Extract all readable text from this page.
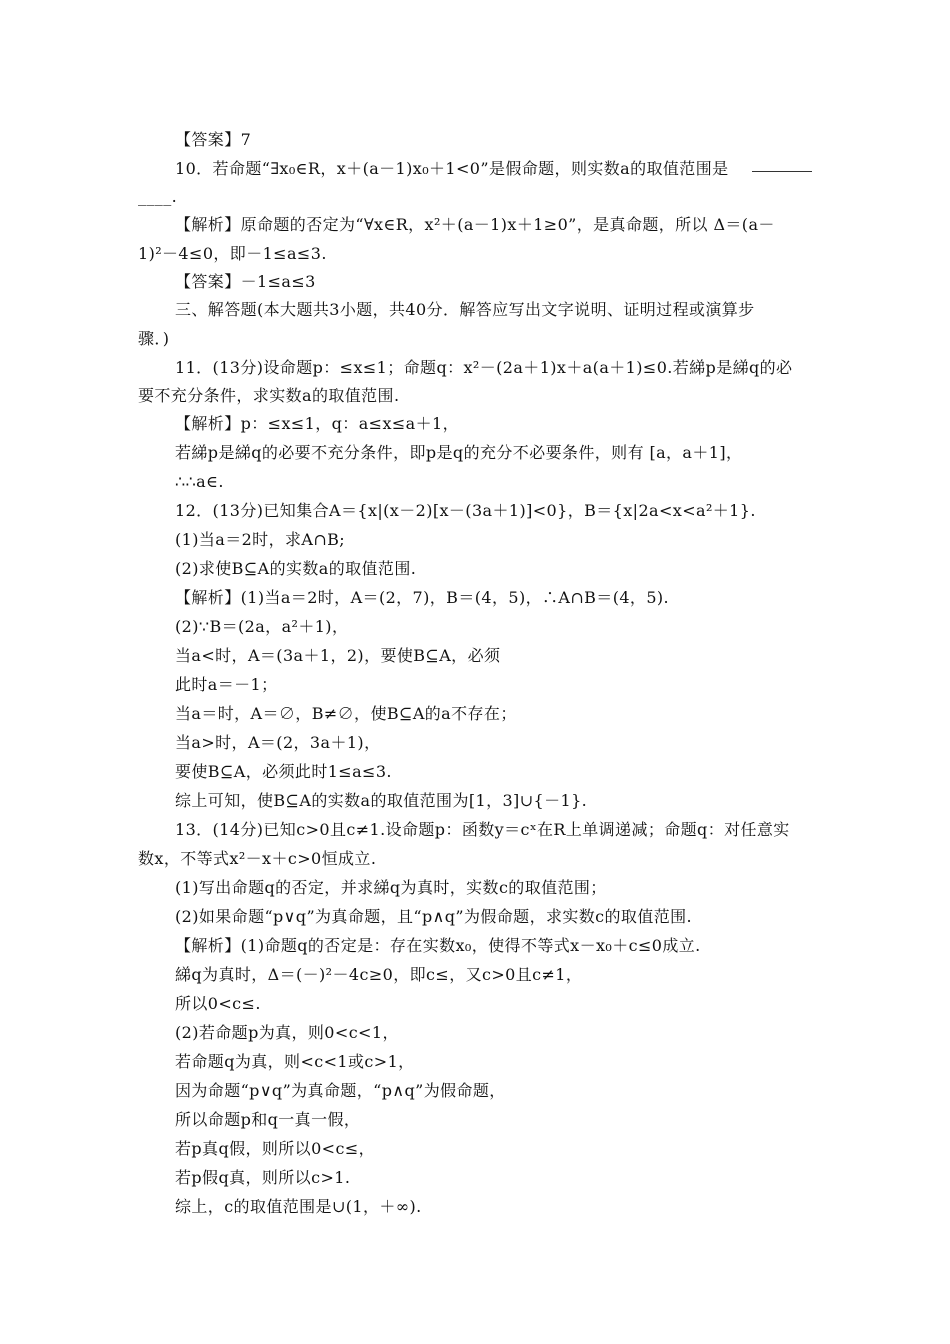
【答案】7
10．若命题“∃x₀∈R，x＋(a－1)x₀＋1<0”是假命题，则实数a的取值范围是
____.
【解析】原命题的否定为“∀x∈R，x²＋(a－1)x＋1≥0”，是真命题，所以 Δ＝(a－
1)²－4≤0，即－1≤a≤3.
【答案】－1≤a≤3
三、解答题(本大题共3小题，共40分．解答应写出文字说明、证明过程或演算步
骤．)
11．(13分)设命题p：≤x≤1；命题q：x²－(2a＋1)x＋a(a＋1)≤0.若綈p是綈q的必
要不充分条件，求实数a的取值范围.
【解析】p：≤x≤1，q：a≤x≤a＋1，
若綈p是綈q的必要不充分条件，即p是q的充分不必要条件，则有 [a，a＋1]，
∴∴a∈.
12．(13分)已知集合A＝{x|(x－2)[x－(3a＋1)]<0}，B＝{x|2a<x<a²＋1}.
(1)当a＝2时，求A∩B;
(2)求使B⊆A的实数a的取值范围.
【解析】(1)当a＝2时，A＝(2，7)，B＝(4，5)，∴A∩B＝(4，5).
(2)∵B＝(2a，a²＋1)，
当a<时，A＝(3a＋1，2)，要使B⊆A，必须
此时a＝－1；
当a＝时，A＝∅，B≠∅，使B⊆A的a不存在；
当a>时，A＝(2，3a＋1)，
要使B⊆A，必须此时1≤a≤3.
综上可知，使B⊆A的实数a的取值范围为[1，3]∪{－1}.
13．(14分)已知c>0且c≠1.设命题p：函数y＝cˣ在R上单调递减；命题q：对任意实
数x，不等式x²－x＋c>0恒成立.
(1)写出命题q的否定，并求綈q为真时，实数c的取值范围；
(2)如果命题“p∨q”为真命题，且“p∧q”为假命题，求实数c的取值范围.
【解析】(1)命题q的否定是：存在实数x₀，使得不等式x－x₀＋c≤0成立.
綈q为真时，Δ＝(－)²－4c≥0，即c≤，又c>0且c≠1，
所以0<c≤.
(2)若命题p为真，则0<c<1，
若命题q为真，则<c<1或c>1，
因为命题“p∨q”为真命题，“p∧q”为假命题，
所以命题p和q一真一假，
若p真q假，则所以0<c≤，
若p假q真，则所以c>1.
综上，c的取值范围是∪(1，＋∞).
